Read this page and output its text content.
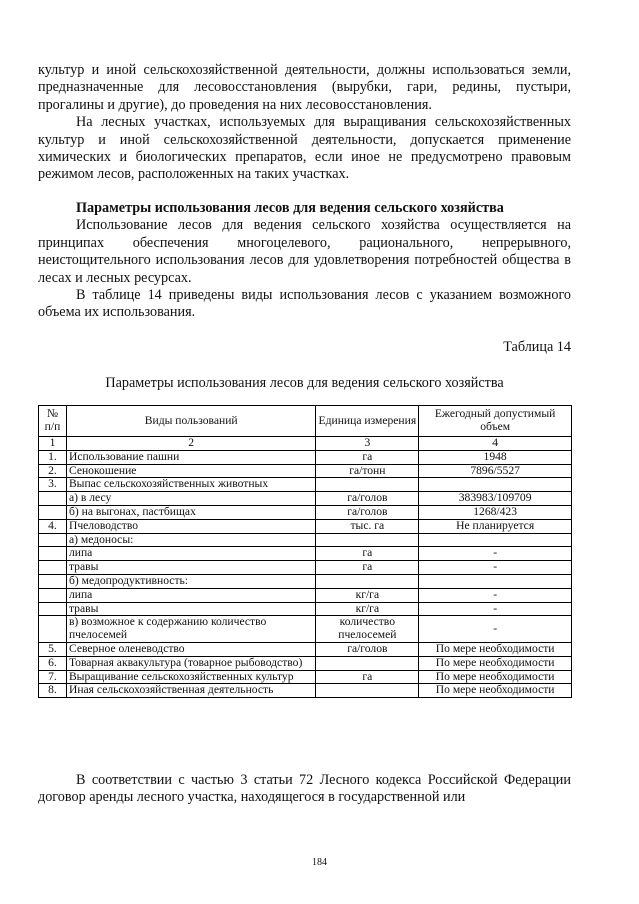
культур и иной сельскохозяйственной деятельности, должны использоваться земли, предназначенные для лесовосстановления (вырубки, гари, редины, пустыри, прогалины и другие), до проведения на них лесовосстановления.

На лесных участках, используемых для выращивания сельскохозяйственных культур и иной сельскохозяйственной деятельности, допускается применение химических и биологических препаратов, если иное не предусмотрено правовым режимом лесов, расположенных на таких участках.

Параметры использования лесов для ведения сельского хозяйства

Использование лесов для ведения сельского хозяйства осуществляется на принципах обеспечения многоцелевого, рационального, непрерывного, неистощительного использования лесов для удовлетворения потребностей общества в лесах и лесных ресурсах.

В таблице 14 приведены виды использования лесов с указанием возможного объема их использования.

Таблица 14
Параметры использования лесов для ведения сельского хозяйства
№ п/п	Виды пользований	Единица измерения	Ежегодный допустимый объем
1	2	3	4
1.	Использование пашни	га	1948
2.	Сенокошение	га/тонн	7896/5527
3.	Выпас сельскохозяйственных животных		
	а) в лесу	га/голов	383983/109709
	б) на выгонах, пастбищах	га/голов	1268/423
4.	Пчеловодство	тыс. га	Не планируется
	а) медоносы:		
	липа	га	-
	травы	га	-
	б) медопродуктивность:		
	липа	кг/га	-
	травы	кг/га	-
	в) возможное к содержанию количество пчелосемей	количество пчелосемей	-
5.	Северное оленеводство	га/голов	По мере необходимости
6.	Товарная аквакультура (товарное рыбоводство)		По мере необходимости
7.	Выращивание сельскохозяйственных культур	га	По мере необходимости
8.	Иная сельскохозяйственная деятельность		По мере необходимости

В соответствии с частью 3 статьи 72 Лесного кодекса Российской Федерации договор аренды лесного участка, находящегося в государственной или

184
